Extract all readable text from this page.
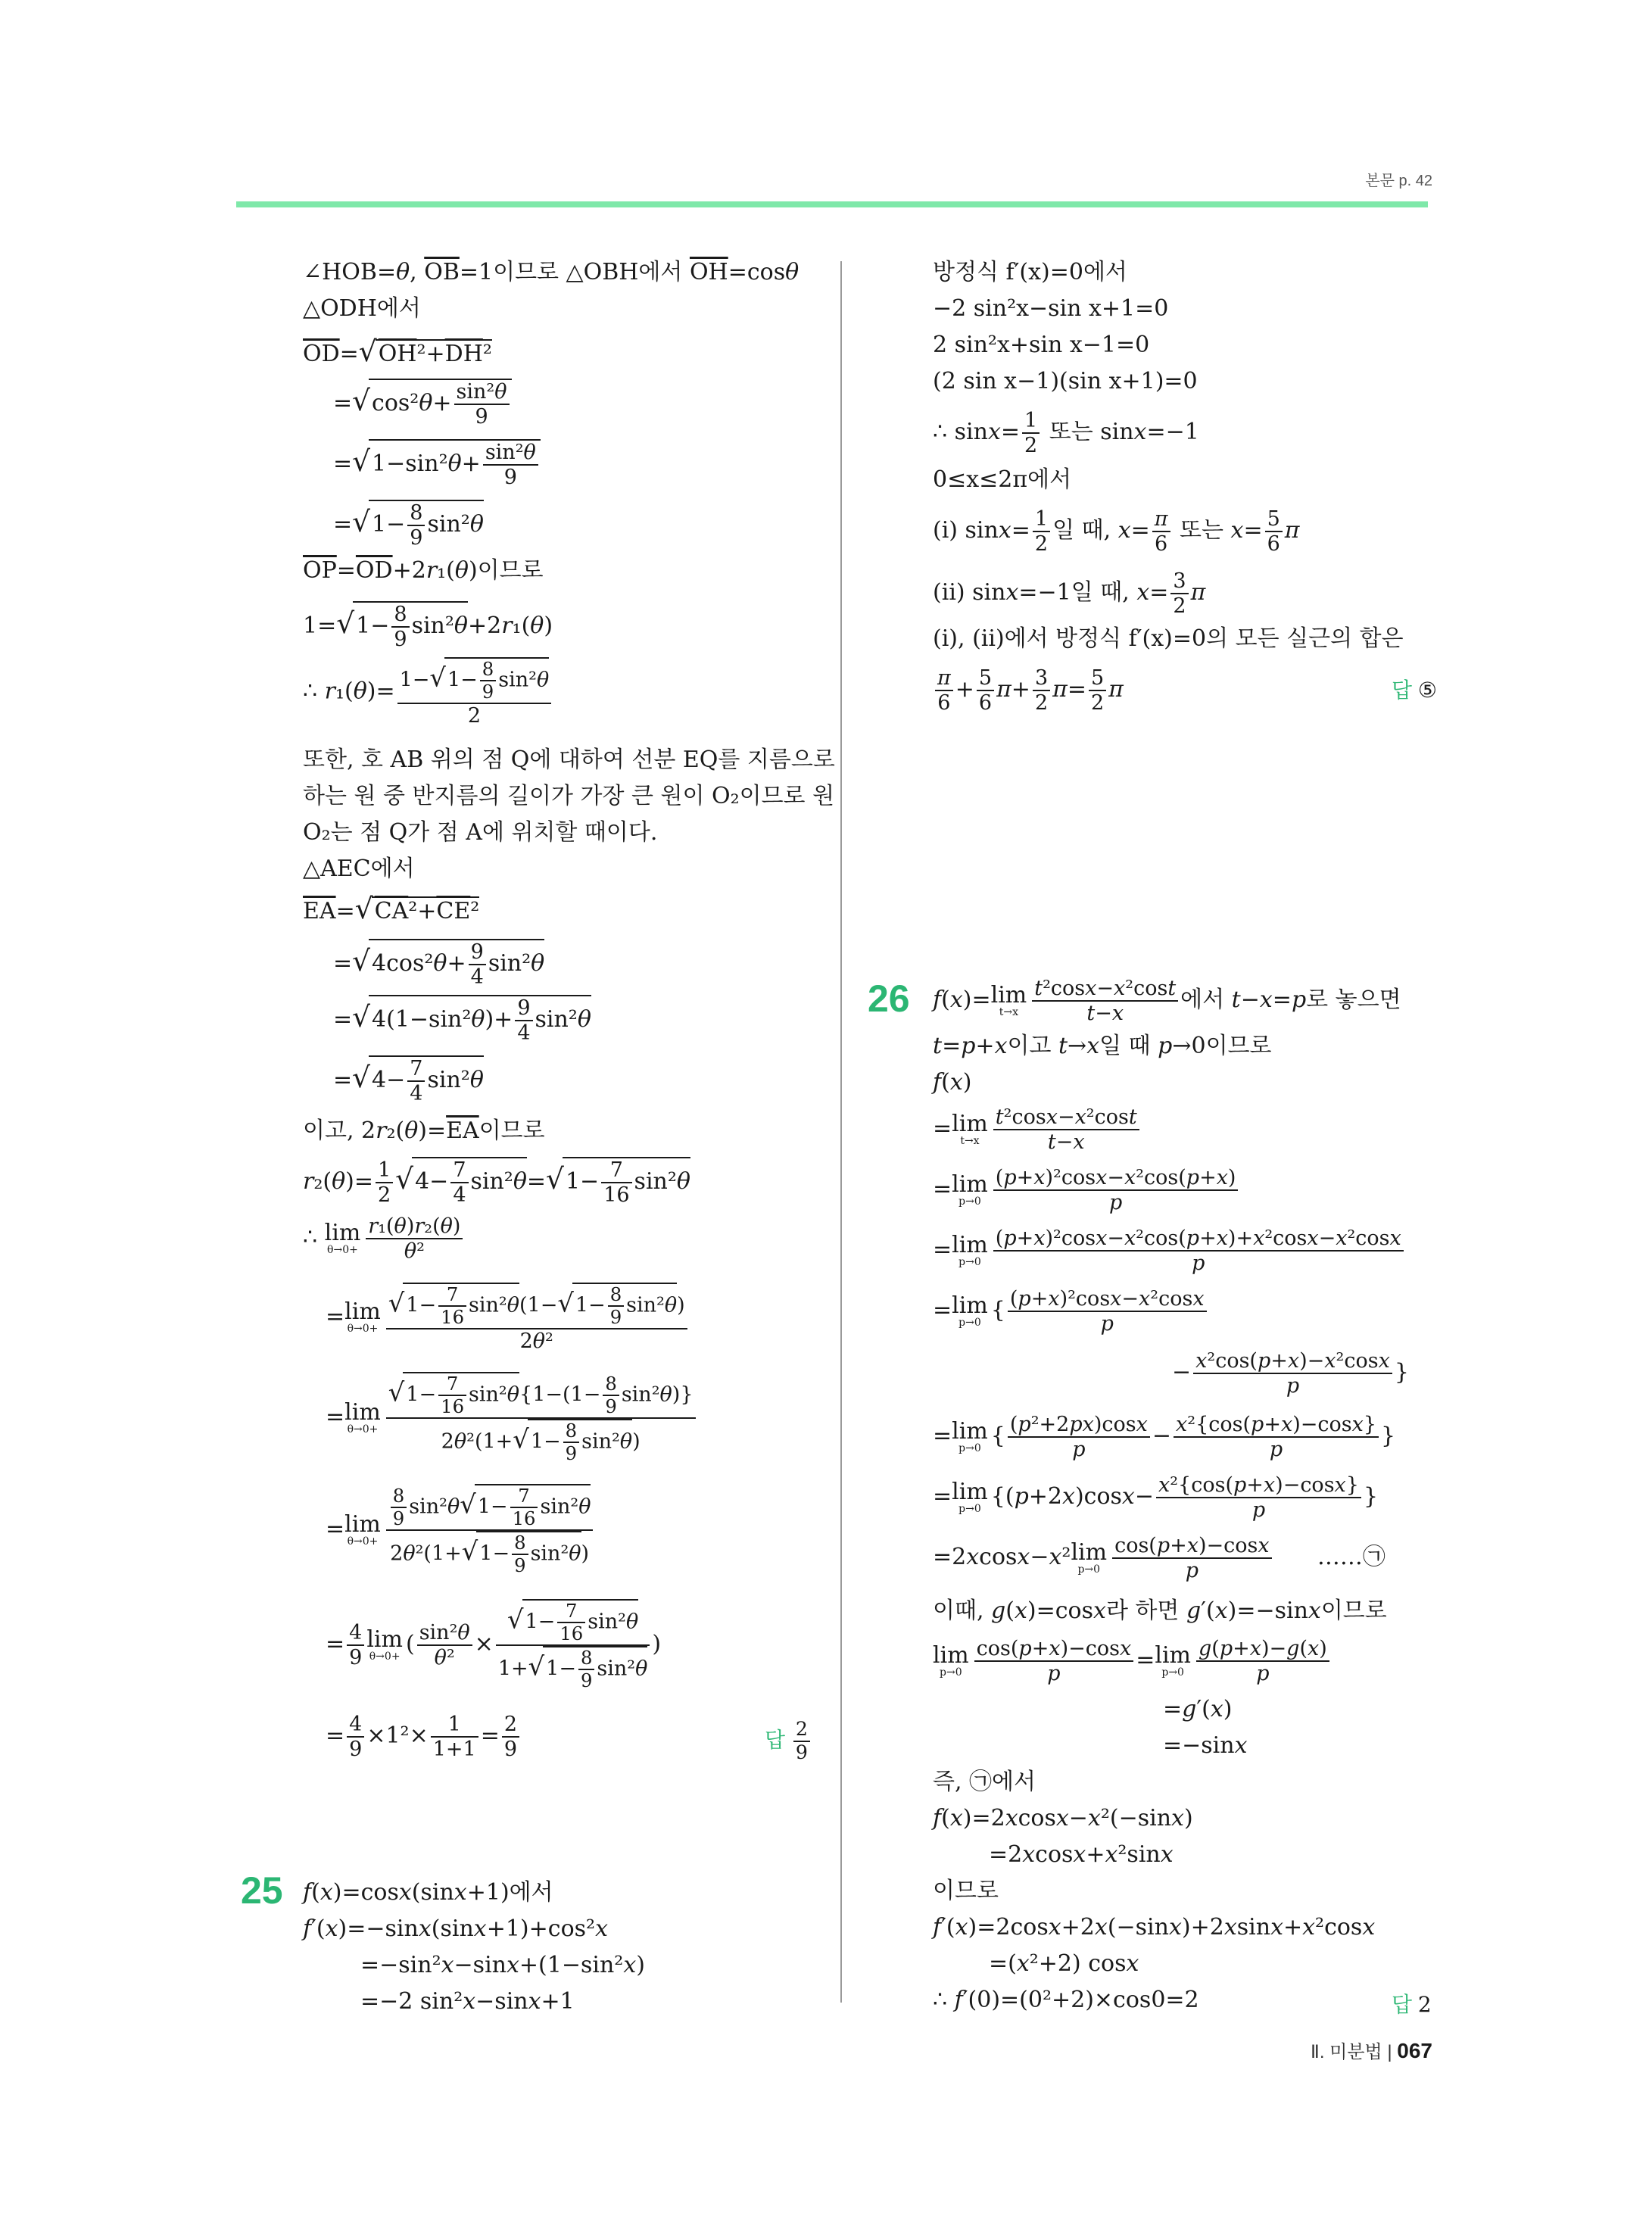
본문 p. 42
∠HOB=θ, $\overline{OB}=1$이므로 △OBH에서 $\overline{OH}=\cos\theta$
△ODH에서
$\overline{OD}=√OH^2+\overline{DH}^2$
$=√\cos^2\theta+ \frac{\text{sin²θ}}{9}$
$=√1-\sin^2\theta+ \frac{\text{sin²θ}}{9}$
$=√1- \frac{8}{9} \sin^2\theta$
$\overline{OP}=\overline{OD}+2r_1(\theta)$이므로
$1=√1- \frac{8}{9} \sin^2\theta+2r_1(\theta)$
∴ $r_1(\theta)= \frac{1-√1- \frac{8}{9} \sin^2\theta}{2}$
또한, 호 AB 위의 점 Q에 대하여 선분 EQ를 지름으로
하는 원 중 반지름의 길이가 가장 큰 원이 O₂이므로 원
O₂는 점 Q가 점 A에 위치할 때이다.
△AEC에서
$\overline{EA}=√CA^2+\overline{CE}^2$
$=√4\cos^2\theta+ \frac{9}{4} \sin^2\theta$
$=√4(1-\sin^2\theta)+ \frac{9}{4} \sin^2\theta$
$=√4- \frac{7}{4} \sin^2\theta$
이고, $2r_2(\theta)=\overline{EA}$이므로
$r_2(\theta)= \frac{1}{2} √4- \frac{7}{4} \sin^2\theta=√1- \frac{7}{16} \sin^2\theta$
∴ lim
$\theta\to 0+ \frac{\text{r₁(θ)r₂(θ)}}{\text{θ²}}$
=lim
$\theta\to 0+ \frac{√1- \frac{7}{16} \sin^2\theta(1-√1- \frac{8}{9} \sin^2\theta)}{\text{2θ²}}$
=lim
$\theta\to 0+ \frac{√1- \frac{7}{16} \sin^2\theta\{1-(1- \frac{8}{9} \sin^2\theta)\}}{2\theta^2(1+√1- \frac{8}{9} \sin^2\theta)}$
=lim
$\theta\to 0+ \frac{\frac{8}{9} \sin^2\theta√1- \frac{7}{16} \sin^2\theta}{2\theta^2(1+√1- \frac{8}{9} \sin^2\theta)}$
= $\frac{4}{9}$ lim
θ→0+ ( $\frac{\text{sin²θ}}{\text{θ²}} \times \frac{√1- \frac{7}{16} \sin^2\theta}{1+√1- \frac{8}{9} \sin^2\theta}$ )
= $\frac{4}{9} \times 1^2\times \frac{1}{1+1} = \frac{2}{9}$	답 $\frac{2}{9}$
25 f(x)=cosx(sinx+1)에서
f′(x)=−sinx(sinx+1)+cos²x
=−sin²x−sinx+(1−sin²x)
=−2 sin²x−sinx+1
방정식 f′(x)=0에서
−2 sin²x−sin x+1=0
2 sin²x+sin x−1=0
(2 sin x−1)(sin x+1)=0
∴ $\sin x= \frac{1}{2}$ 또는 sinx=−1
0≤x≤2π에서
(ⅰ) $\sin x= \frac{1}{2}$ 일 때, $x= \frac{\pi}{6}$ 또는 $x= \frac{5}{6}$ π
(ⅱ) sinx=−1일 때, $x= \frac{3}{2}$ π
(i), (ii)에서 방정식 f′(x)=0의 모든 실근의 합은
$\frac{\pi}{6} + \frac{5}{6} \pi+ \frac{3}{2} \pi= \frac{5}{2}$ π	답 ⑤
26 f(x)=lim
$t\to x \frac{\text{t²cosx−x²cost}}{t-x}$ 에서 t−x=p로 놓으면
t=p+x이고 t→x일 때 p→0이므로
f(x)
=lim
$t\to x \frac{\text{t²cosx−x²cost}}{t-x}$
=lim
$p\to 0 \frac{\text{(p+x)²cosx−x²cos(p+x)}}{p}$
=lim
$p\to 0 \frac{\text{(p+x)²cosx−x²cos(p+x)+x²cosx−x²cosx}}{p}$
=lim
p→0 { $\frac{\text{(p+x)²cosx−x²cosx}}{p}$
− $\frac{\text{x²cos(p+x)−x²cosx}}{p}$ }
=lim
p→0 { $\frac{\text{(p²+2px)cosx}}{p} - \frac{\text{x²\{cos(p+x)−cosx\}}}{p}$ }
=lim
p→0 {$(p+2x)\cos x- \frac{\text{x²\{cos(p+x)−cosx\}}}{p}$ }
=2xcosx−x²lim
$p\to 0 \frac{\cos(p+x)-\cos x}{p}$ ……㉠
이때, g(x)=cosx라 하면 g′(x)=−sinx이므로
lim
$p\to 0 \frac{\cos(p+x)-\cos x}{p} =\lim$
$p\to 0 \frac{g(p+x)-g(x)}{p}$
=g′(x)
=−sinx
즉, ㉠에서
f(x)=2xcosx−x²(−sinx)
=2xcosx+x²sinx
이므로
f′(x)=2cosx+2x(−sinx)+2xsinx+x²cosx
=(x²+2) cosx
∴ f′(0)=(0²+2)×cos0=2	답 2
Ⅱ. 미분법 | 067
